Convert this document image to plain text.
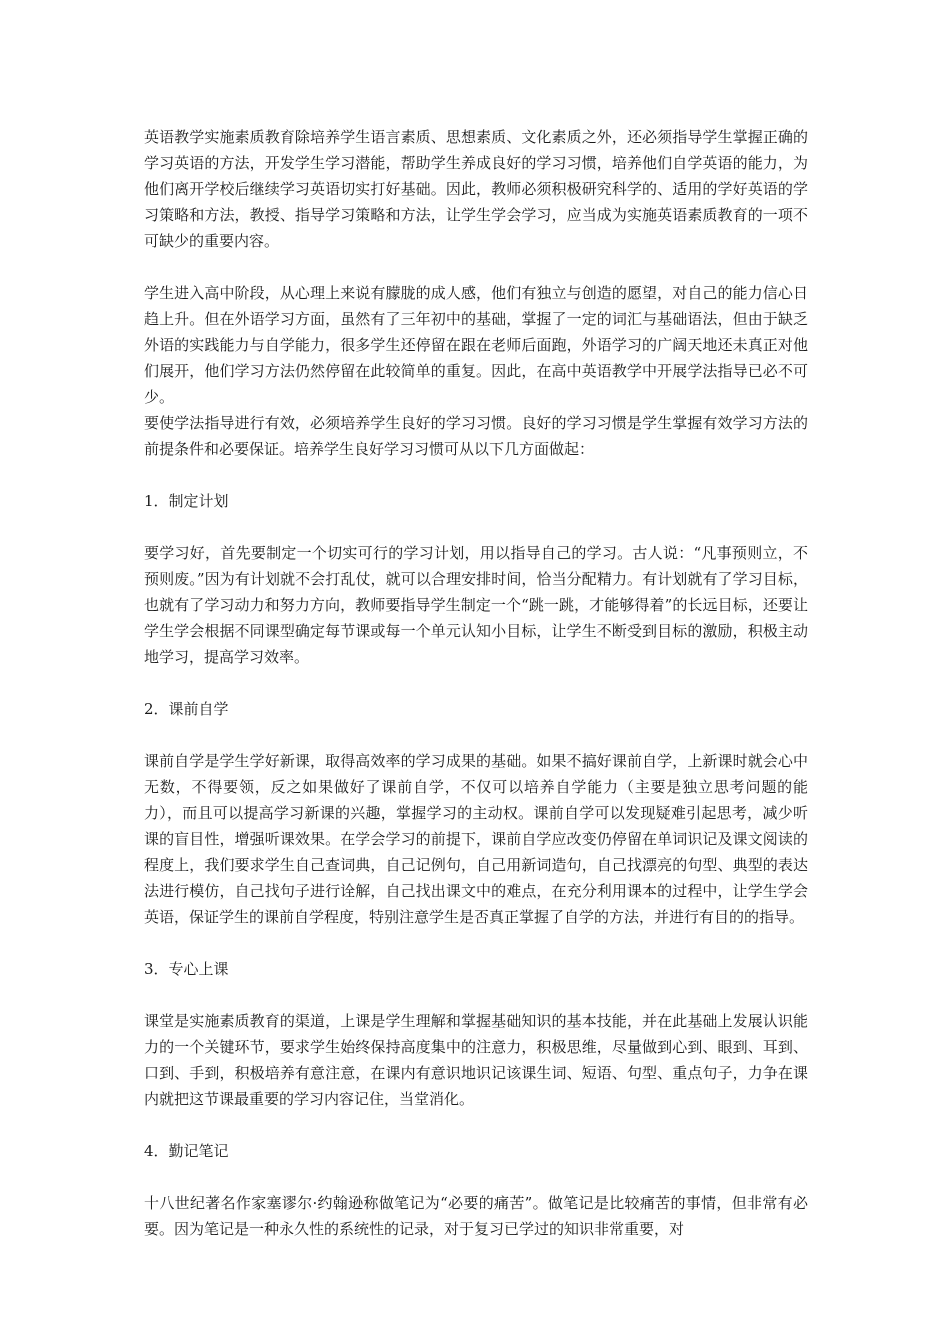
英语教学实施素质教育除培养学生语言素质、思想素质、文化素质之外，还必须指导学生掌握正确的学习英语的方法，开发学生学习潜能，帮助学生养成良好的学习习惯，培养他们自学英语的能力，为他们离开学校后继续学习英语切实打好基础。因此，教师必须积极研究科学的、适用的学好英语的学习策略和方法，教授、指导学习策略和方法，让学生学会学习，应当成为实施英语素质教育的一项不可缺少的重要内容。

学生进入高中阶段，从心理上来说有朦胧的成人感，他们有独立与创造的愿望，对自己的能力信心日趋上升。但在外语学习方面，虽然有了三年初中的基础，掌握了一定的词汇与基础语法，但由于缺乏外语的实践能力与自学能力，很多学生还停留在跟在老师后面跑，外语学习的广阔天地还未真正对他们展开，他们学习方法仍然停留在此较简单的重复。因此，在高中英语教学中开展学法指导已必不可少。

要使学法指导进行有效，必须培养学生良好的学习习惯。良好的学习习惯是学生掌握有效学习方法的前提条件和必要保证。培养学生良好学习习惯可从以下几方面做起：

1．制定计划

要学习好，首先要制定一个切实可行的学习计划，用以指导自己的学习。古人说：“凡事预则立，不预则废。”因为有计划就不会打乱仗，就可以合理安排时间，恰当分配精力。有计划就有了学习目标，也就有了学习动力和努力方向，教师要指导学生制定一个“跳一跳，才能够得着”的长远目标，还要让学生学会根据不同课型确定每节课或每一个单元认知小目标，让学生不断受到目标的激励，积极主动地学习，提高学习效率。

2．课前自学

课前自学是学生学好新课，取得高效率的学习成果的基础。如果不搞好课前自学，上新课时就会心中无数，不得要领，反之如果做好了课前自学，不仅可以培养自学能力（主要是独立思考问题的能力），而且可以提高学习新课的兴趣，掌握学习的主动权。课前自学可以发现疑难引起思考，减少听课的盲目性，增强听课效果。在学会学习的前提下，课前自学应改变仍停留在单词识记及课文阅读的程度上，我们要求学生自己查词典，自己记例句，自己用新词造句，自己找漂亮的句型、典型的表达法进行模仿，自己找句子进行诠解，自己找出课文中的难点，在充分利用课本的过程中，让学生学会英语，保证学生的课前自学程度，特别注意学生是否真正掌握了自学的方法，并进行有目的的指导。

3．专心上课

课堂是实施素质教育的渠道，上课是学生理解和掌握基础知识的基本技能，并在此基础上发展认识能力的一个关键环节，要求学生始终保持高度集中的注意力，积极思维，尽量做到心到、眼到、耳到、口到、手到，积极培养有意注意，在课内有意识地识记该课生词、短语、句型、重点句子，力争在课内就把这节课最重要的学习内容记住，当堂消化。

4．勤记笔记

十八世纪著名作家塞谬尔·约翰逊称做笔记为“必要的痛苦”。做笔记是比较痛苦的事情，但非常有必要。因为笔记是一种永久性的系统性的记录，对于复习已学过的知识非常重要，对
